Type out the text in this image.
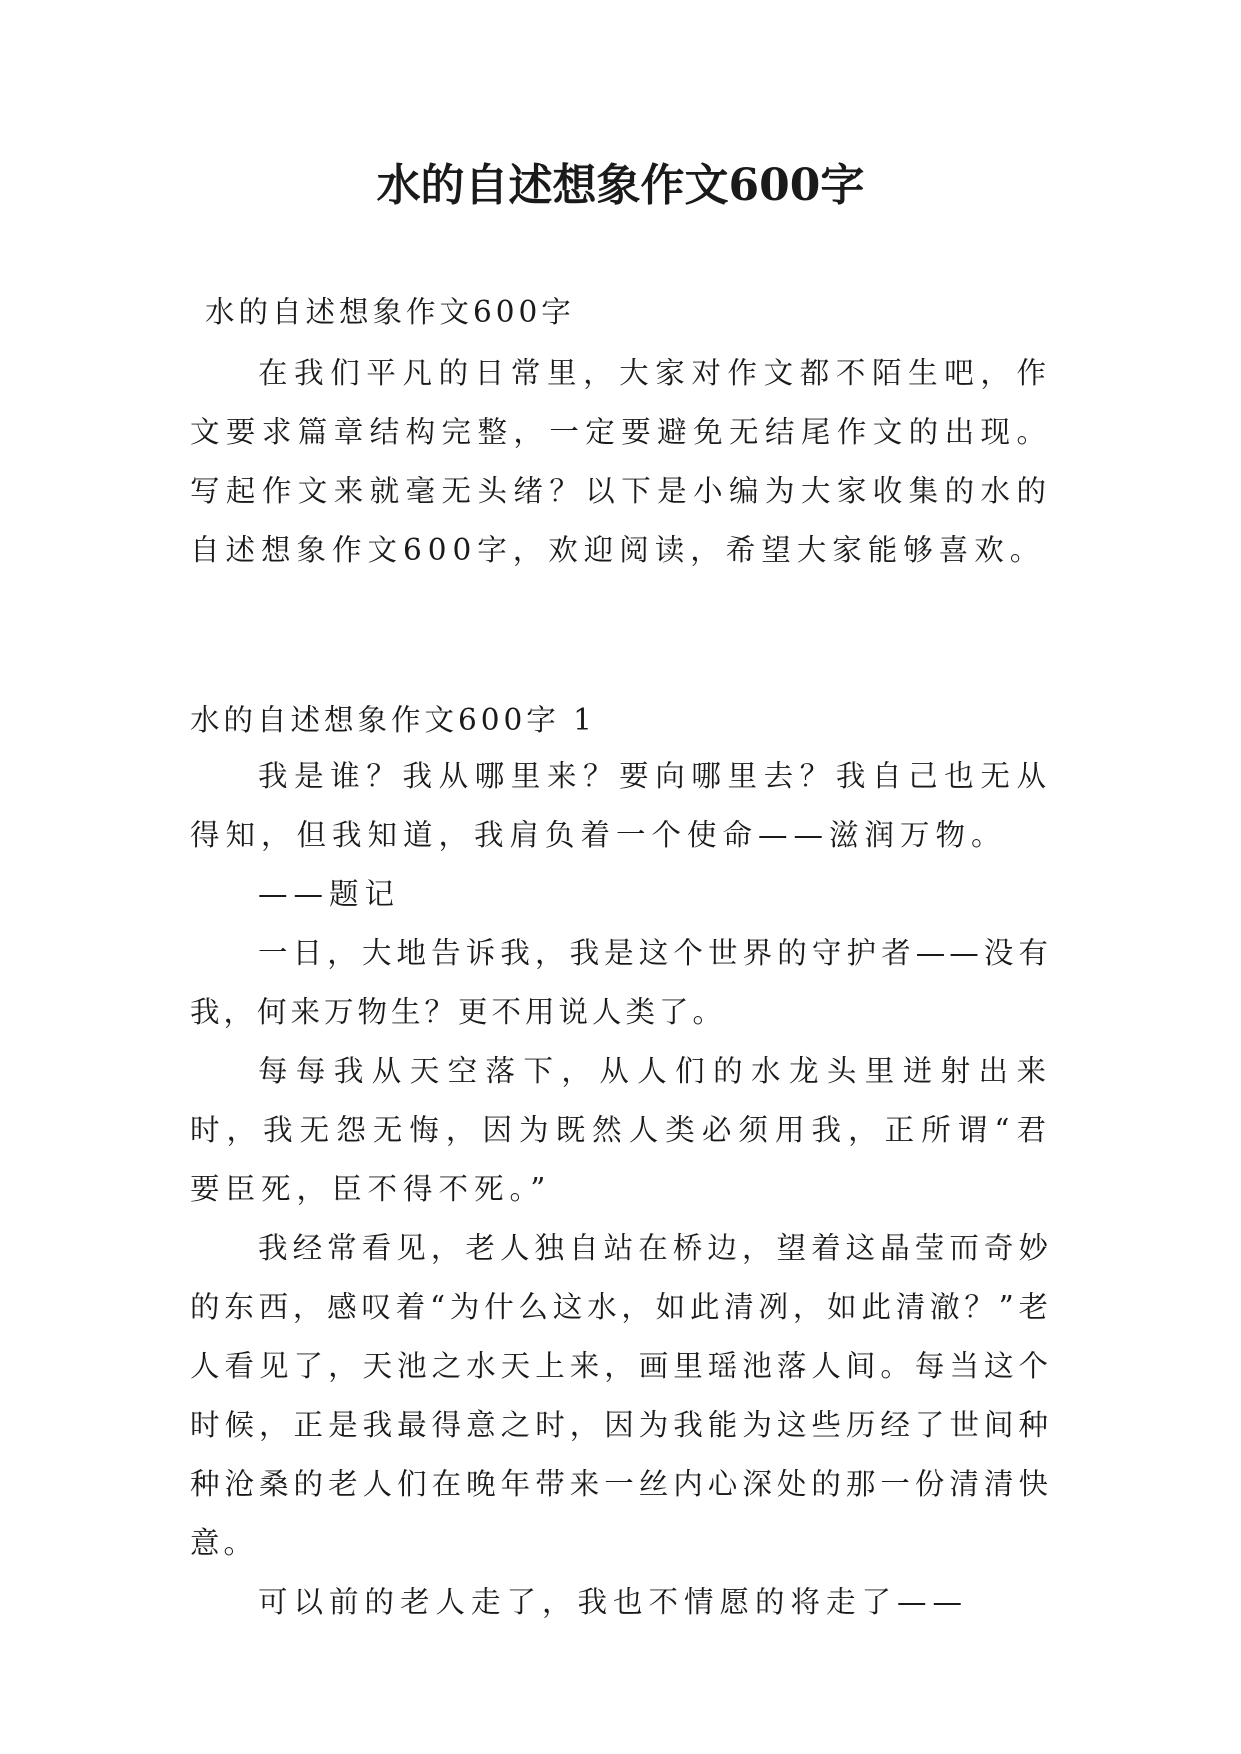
水的自述想象作文600字
水的自述想象作文600字

在我们平凡的日常里，大家对作文都不陌生吧，作文要求篇章结构完整，一定要避免无结尾作文的出现。写起作文来就毫无头绪？以下是小编为大家收集的水的自述想象作文600字，欢迎阅读，希望大家能够喜欢。

水的自述想象作文600字 1

我是谁？我从哪里来？要向哪里去？我自己也无从得知，但我知道，我肩负着一个使命——滋润万物。

——题记

一日，大地告诉我，我是这个世界的守护者——没有我，何来万物生？更不用说人类了。

每每我从天空落下，从人们的水龙头里迸射出来时，我无怨无悔，因为既然人类必须用我，正所谓“君要臣死，臣不得不死。”

我经常看见，老人独自站在桥边，望着这晶莹而奇妙的东西，感叹着“为什么这水，如此清冽，如此清澈？”老人看见了，天池之水天上来，画里瑶池落人间。每当这个时候，正是我最得意之时，因为我能为这些历经了世间种种沧桑的老人们在晚年带来一丝内心深处的那一份清清快意。

可以前的老人走了，我也不情愿的将走了——
